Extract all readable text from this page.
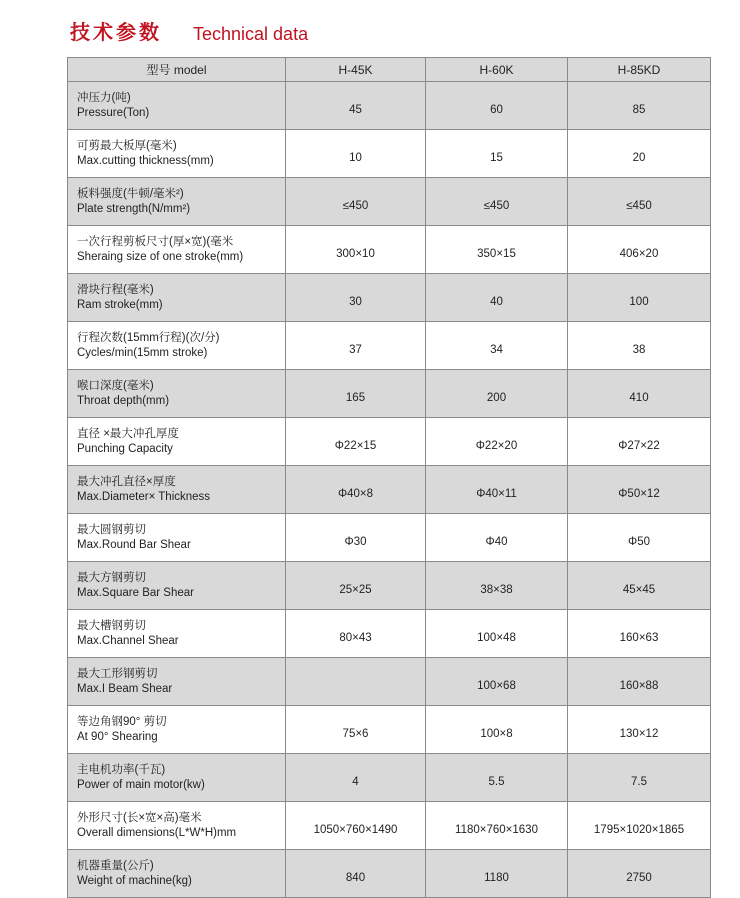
技术参数 Technical data
型号 model	H-45K	H-60K	H-85KD

冲压力(吨)
Pressure(Ton)	45	60	85

可剪最大板厚(毫米)
Max.cutting thickness(mm)	10	15	20

板料强度(牛顿/毫米²)
Plate strength(N/mm²)	≤450	≤450	≤450

一次行程剪板尺寸(厚×宽)(毫米
Sheraing size of one stroke(mm)	300×10	350×15	406×20

滑块行程(毫米)
Ram stroke(mm)	30	40	100

行程次数(15mm行程)(次/分)
Cycles/min(15mm stroke)	37	34	38

喉口深度(毫米)
Throat depth(mm)	165	200	410

直径 ×最大冲孔厚度
Punching Capacity	Φ22×15	Φ22×20	Φ27×22

最大冲孔直径×厚度
Max.Diameter× Thickness	Φ40×8	Φ40×11	Φ50×12

最大圆钢剪切
Max.Round Bar Shear	Φ30	Φ40	Φ50

最大方钢剪切
Max.Square Bar Shear	25×25	38×38	45×45

最大槽钢剪切
Max.Channel Shear	80×43	100×48	160×63

最大工形钢剪切
Max.I Beam Shear		100×68	160×88

等边角钢90° 剪切
At 90° Shearing	75×6	100×8	130×12

主电机功率(千瓦)
Power of main motor(kw)	4	5.5	7.5

外形尺寸(长×宽×高)毫米
Overall dimensions(L*W*H)mm	1050×760×1490	1180×760×1630	1795×1020×1865

机器重量(公斤)
Weight of machine(kg)	840	1180	2750
